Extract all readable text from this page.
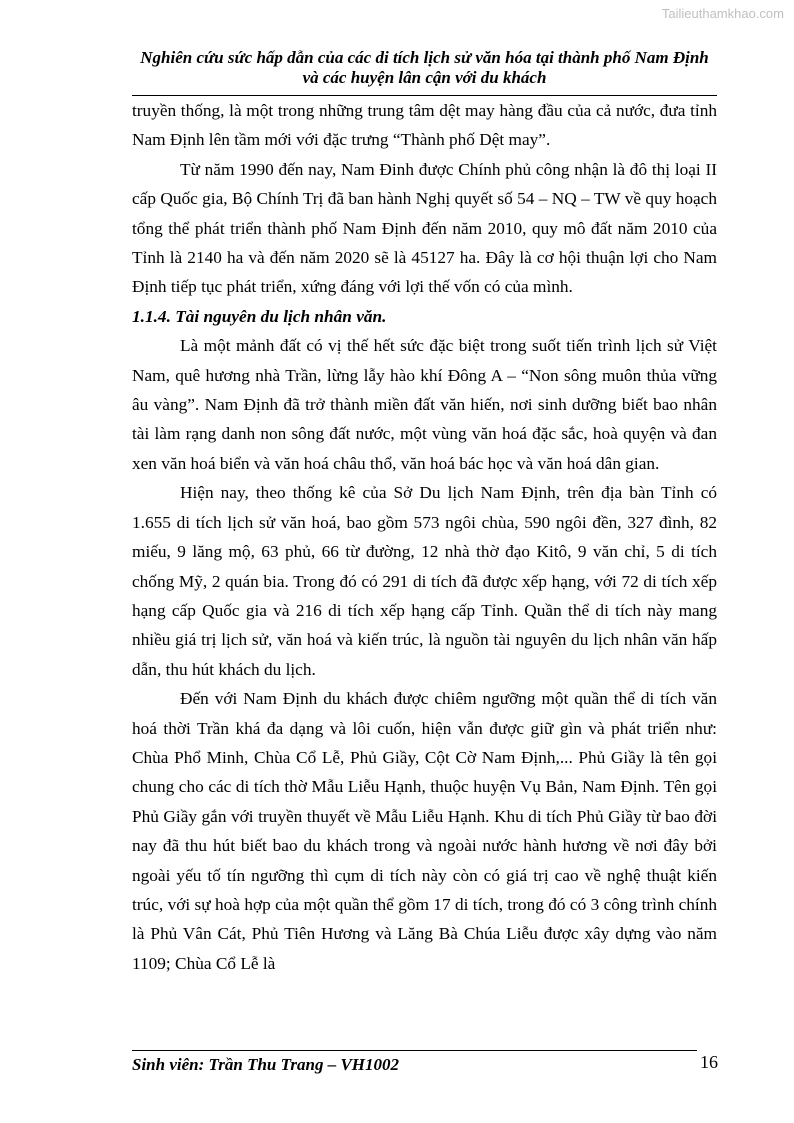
Tailieuthamkhao.com
Nghiên cứu sức hấp dẫn của các di tích lịch sử văn hóa tại thành phố Nam Định và các huyện lân cận với du khách

truyền thống, là một trong những trung tâm dệt may hàng đầu của cả nước, đưa tỉnh Nam Định lên tầm mới với đặc trưng “Thành phố Dệt may”.

Từ năm 1990 đến nay, Nam Đinh được Chính phủ công nhận là đô thị loại II cấp Quốc gia, Bộ Chính Trị đã ban hành Nghị quyết số 54 – NQ – TW về quy hoạch tổng thể phát triển thành phố Nam Định đến năm 2010, quy mô đất năm 2010 của Tỉnh là 2140 ha và đến năm 2020 sẽ là 45127 ha. Đây là cơ hội thuận lợi cho Nam Định tiếp tục phát triển, xứng đáng với lợi thế vốn có của mình.

1.1.4. Tài nguyên du lịch nhân văn.

Là một mảnh đất có vị thế hết sức đặc biệt trong suốt tiến trình lịch sử Việt Nam, quê hương nhà Trần, lừng lẫy hào khí Đông A – “Non sông muôn thủa vững âu vàng”. Nam Định đã trở thành miền đất văn hiến, nơi sinh dưỡng biết bao nhân tài làm rạng danh non sông đất nước, một vùng văn hoá đặc sắc, hoà quyện và đan xen văn hoá biển và văn hoá châu thổ, văn hoá bác học và văn hoá dân gian.

Hiện nay, theo thống kê của Sở Du lịch Nam Định, trên địa bàn Tỉnh có 1.655 di tích lịch sử văn hoá, bao gồm 573 ngôi chùa, 590 ngôi đền, 327 đình, 82 miếu, 9 lăng mộ, 63 phủ, 66 từ đường, 12 nhà thờ đạo Kitô, 9 văn chỉ, 5 di tích chống Mỹ, 2 quán bia. Trong đó có 291 di tích đã được xếp hạng, với 72 di tích xếp hạng cấp Quốc gia và 216 di tích xếp hạng cấp Tỉnh. Quần thể di tích này mang nhiều giá trị lịch sử, văn hoá và kiến trúc, là nguồn tài nguyên du lịch nhân văn hấp dẫn, thu hút khách du lịch.

Đến với Nam Định du khách được chiêm ngưỡng một quần thể di tích văn hoá thời Trần khá đa dạng và lôi cuốn, hiện vẫn được giữ gìn và phát triển như: Chùa Phổ Minh, Chùa Cổ Lễ, Phủ Giầy, Cột Cờ Nam Định,... Phủ Giầy là tên gọi chung cho các di tích thờ Mẫu Liễu Hạnh, thuộc huyện Vụ Bản, Nam Định. Tên gọi Phủ Giầy gắn với truyền thuyết về Mẫu Liễu Hạnh. Khu di tích Phủ Giầy từ bao đời nay đã thu hút biết bao du khách trong và ngoài nước hành hương về nơi đây bởi ngoài yếu tố tín ngưỡng thì cụm di tích này còn có giá trị cao về nghệ thuật kiến trúc, với sự hoà hợp của một quần thể gồm 17 di tích, trong đó có 3 công trình chính là Phủ Vân Cát, Phủ Tiên Hương và Lăng Bà Chúa Liễu được xây dựng vào năm 1109; Chùa Cổ Lễ là

Sinh viên: Trần Thu Trang – VH1002	16
